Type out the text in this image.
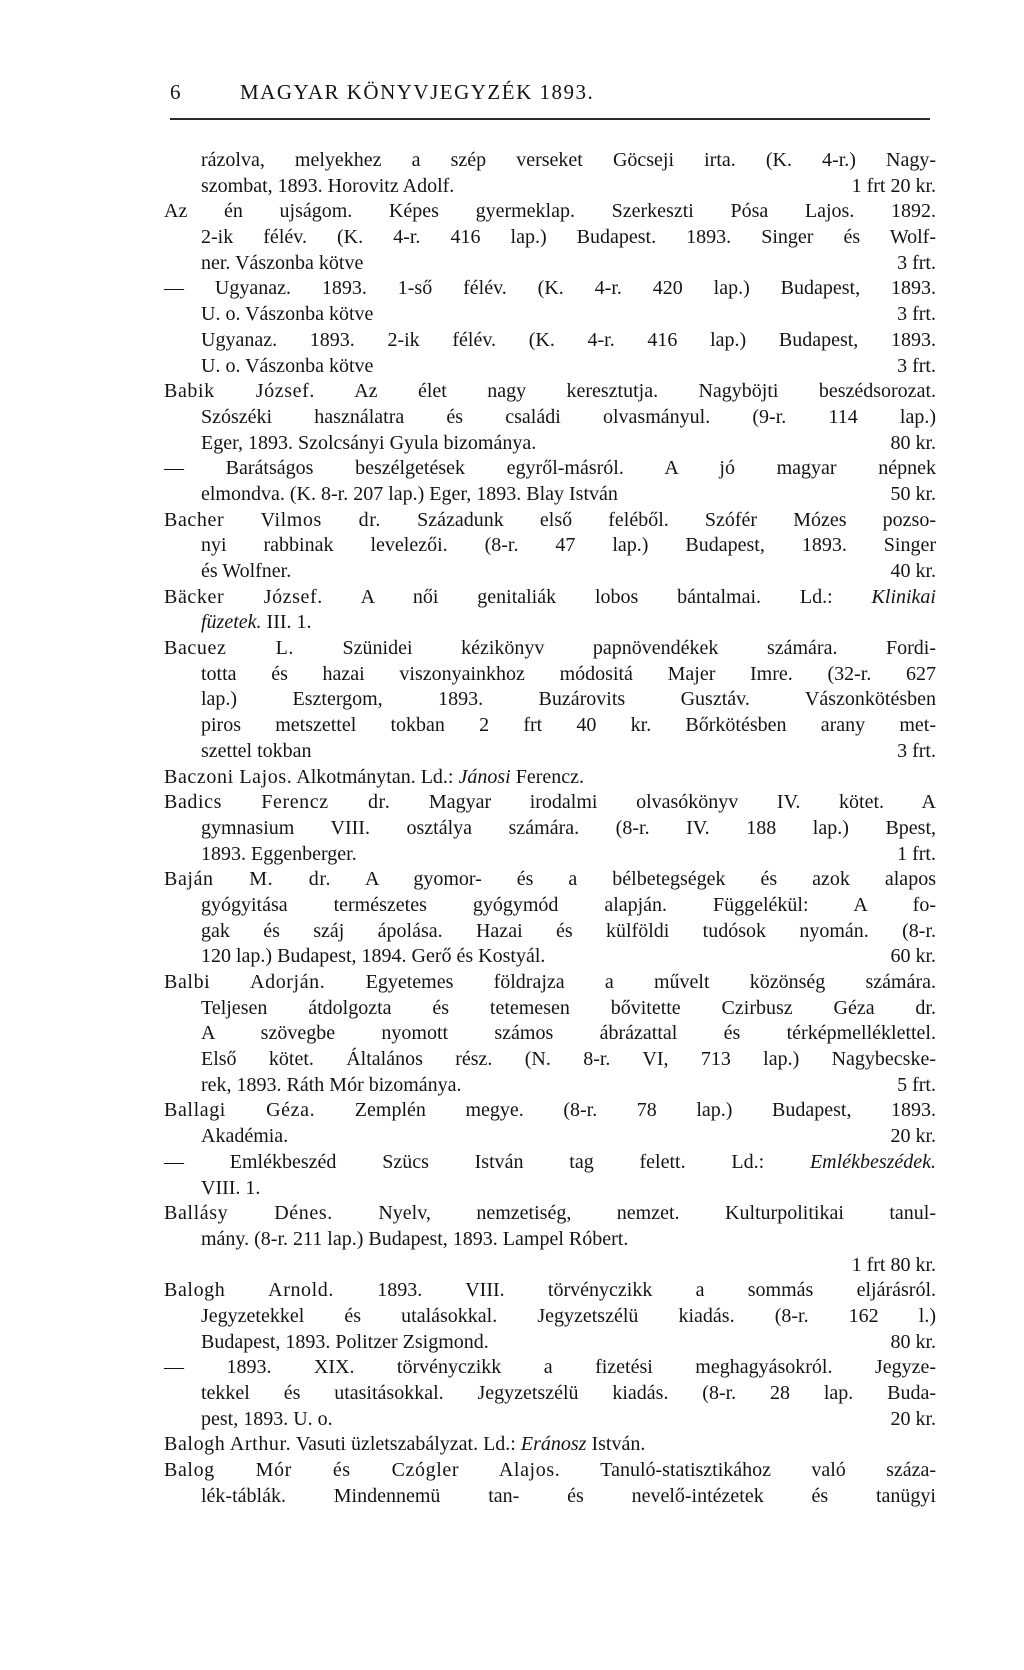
6	MAGYAR KÖNYVJEGYZÉK 1893.
rázolva, melyekhez a szép verseket Göcseji irta. (K. 4-r.) Nagy-
szombat, 1893. Horovitz Adolf.	1 frt 20 kr.
Az én ujságom. Képes gyermeklap. Szerkeszti Pósa Lajos. 1892.
2-ik félév. (K. 4-r. 416 lap.) Budapest. 1893. Singer és Wolf-
ner. Vászonba kötve	3 frt.
— Ugyanaz. 1893. 1-ső félév. (K. 4-r. 420 lap.) Budapest, 1893.
U. o. Vászonba kötve	3 frt.
Ugyanaz. 1893. 2-ik félév. (K. 4-r. 416 lap.) Budapest, 1893.
U. o. Vászonba kötve	3 frt.
Babik József. Az élet nagy keresztutja. Nagyböjti beszédsorozat.
Szószéki használatra és családi olvasmányul. (9-r. 114 lap.)
Eger, 1893. Szolcsányi Gyula bizománya.	80 kr.
— Barátságos beszélgetések egyről-másról. A jó magyar népnek
elmondva. (K. 8-r. 207 lap.) Eger, 1893. Blay István	50 kr.
Bacher Vilmos dr. Századunk első feléből. Szófér Mózes pozso-
nyi rabbinak levelezői. (8-r. 47 lap.) Budapest, 1893. Singer
és Wolfner.	40 kr.
Bäcker József. A női genitaliák lobos bántalmai. Ld.: Klinikai
füzetek. III. 1.
Bacuez L. Szünidei kézikönyv papnövendékek számára. Fordi-
totta és hazai viszonyainkhoz módositá Majer Imre. (32-r. 627
lap.) Esztergom, 1893. Buzárovits Gusztáv. Vászonkötésben
piros metszettel tokban 2 frt 40 kr. Bőrkötésben arany met-
szettel tokban	3 frt.
Baczoni Lajos. Alkotmánytan. Ld.: Jánosi Ferencz.
Badics Ferencz dr. Magyar irodalmi olvasókönyv IV. kötet. A
gymnasium VIII. osztálya számára. (8-r. IV. 188 lap.) Bpest,
1893. Eggenberger.	1 frt.
Baján M. dr. A gyomor- és a bélbetegségek és azok alapos
gyógyitása természetes gyógymód alapján. Függelékül: A fo-
gak és száj ápolása. Hazai és külföldi tudósok nyomán. (8-r.
120 lap.) Budapest, 1894. Gerő és Kostyál.	60 kr.
Balbi Adorján. Egyetemes földrajza a művelt közönség számára.
Teljesen átdolgozta és tetemesen bővitette Czirbusz Géza dr.
A szövegbe nyomott számos ábrázattal és térképmelléklettel.
Első kötet. Általános rész. (N. 8-r. VI, 713 lap.) Nagybecske-
rek, 1893. Ráth Mór bizománya.	5 frt.
Ballagi Géza. Zemplén megye. (8-r. 78 lap.) Budapest, 1893.
Akadémia.	20 kr.
— Emlékbeszéd Szücs István tag felett. Ld.: Emlékbeszédek.
VIII. 1.
Ballásy Dénes. Nyelv, nemzetiség, nemzet. Kulturpolitikai tanul-
mány. (8-r. 211 lap.) Budapest, 1893. Lampel Róbert.
1 frt 80 kr.
Balogh Arnold. 1893. VIII. törvényczikk a sommás eljárásról.
Jegyzetekkel és utalásokkal. Jegyzetszélü kiadás. (8-r. 162 l.)
Budapest, 1893. Politzer Zsigmond.	80 kr.
— 1893. XIX. törvényczikk a fizetési meghagyásokról. Jegyze-
tekkel és utasitásokkal. Jegyzetszélü kiadás. (8-r. 28 lap. Buda-
pest, 1893. U. o.	20 kr.
Balogh Arthur. Vasuti üzletszabályzat. Ld.: Eránosz István.
Balog Mór és Czógler Alajos. Tanuló-statisztikához való száza-
lék-táblák. Mindennemü tan- és nevelő-intézetek és tanügyi
